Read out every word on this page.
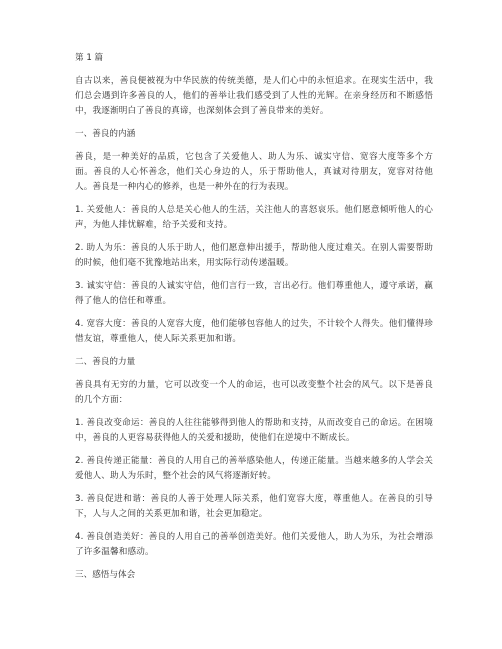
第 1 篇

自古以来，善良便被视为中华民族的传统美德，是人们心中的永恒追求。在现实生活中，我们总会遇到许多善良的人，他们的善举让我们感受到了人性的光辉。在亲身经历和不断感悟中，我逐渐明白了善良的真谛，也深刻体会到了善良带来的美好。

一、善良的内涵

善良，是一种美好的品质，它包含了关爱他人、助人为乐、诚实守信、宽容大度等多个方面。善良的人心怀善念，他们关心身边的人，乐于帮助他人，真诚对待朋友，宽容对待他人。善良是一种内心的修养，也是一种外在的行为表现。

1. 关爱他人：善良的人总是关心他人的生活，关注他人的喜怒哀乐。他们愿意倾听他人的心声，为他人排忧解难，给予关爱和支持。

2. 助人为乐：善良的人乐于助人，他们愿意伸出援手，帮助他人度过难关。在别人需要帮助的时候，他们毫不犹豫地站出来，用实际行动传递温暖。

3. 诚实守信：善良的人诚实守信，他们言行一致，言出必行。他们尊重他人，遵守承诺，赢得了他人的信任和尊重。

4. 宽容大度：善良的人宽容大度，他们能够包容他人的过失，不计较个人得失。他们懂得珍惜友谊，尊重他人，使人际关系更加和谐。

二、善良的力量

善良具有无穷的力量，它可以改变一个人的命运，也可以改变整个社会的风气。以下是善良的几个方面：

1. 善良改变命运：善良的人往往能够得到他人的帮助和支持，从而改变自己的命运。在困境中，善良的人更容易获得他人的关爱和援助，使他们在逆境中不断成长。

2. 善良传递正能量：善良的人用自己的善举感染他人，传递正能量。当越来越多的人学会关爱他人、助人为乐时，整个社会的风气将逐渐好转。

3. 善良促进和谐：善良的人善于处理人际关系，他们宽容大度，尊重他人。在善良的引导下，人与人之间的关系更加和谐，社会更加稳定。

4. 善良创造美好：善良的人用自己的善举创造美好。他们关爱他人，助人为乐，为社会增添了许多温馨和感动。

三、感悟与体会
